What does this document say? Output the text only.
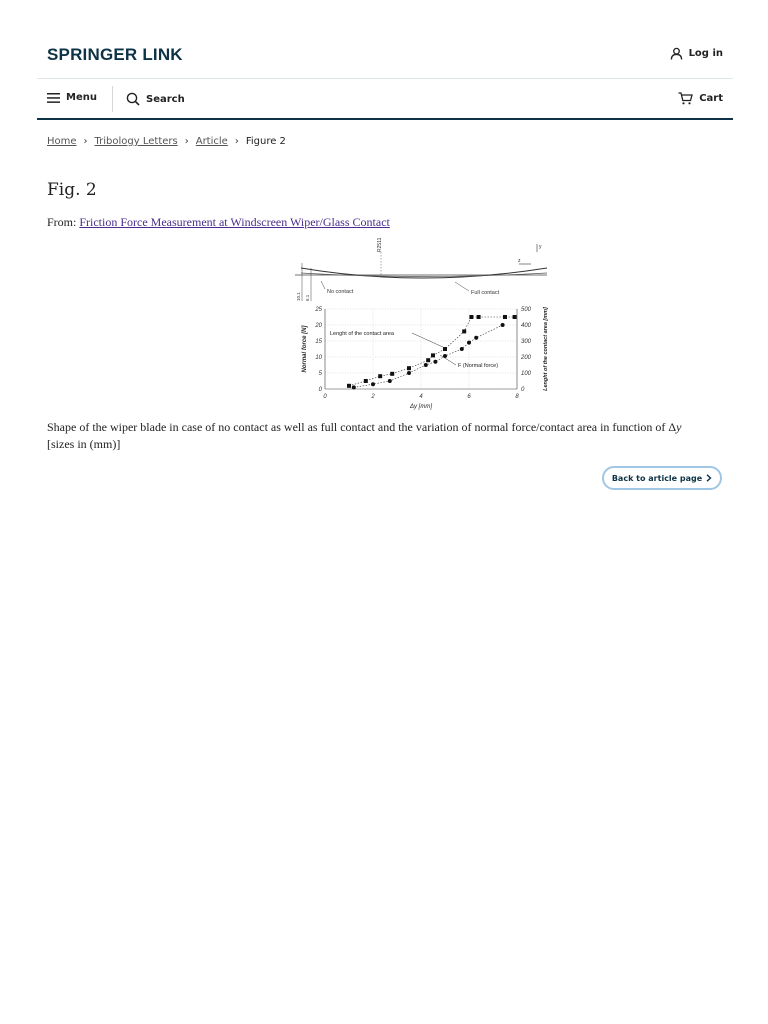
SPRINGER LINK	Log in
Menu	Search	Cart
Home › Tribology Letters › Article › Figure 2
Fig. 2
From: Friction Force Measurement at Windscreen Wiper/Glass Contact
R2511
No contact	Full contact
10.1 6.1
y
z
0	2	4	6	8
0
5
10
15
20
25
0
100
200
300
400
500
Δy [mm]
Normal force [N]	Lenght of the contact area [mm]
Lenght of the contact area
F (Normal force)

Shape of the wiper blade in case of no contact as well as full contact and the variation of normal force/contact area in function of Δy
[sizes in (mm)]

Back to article page
